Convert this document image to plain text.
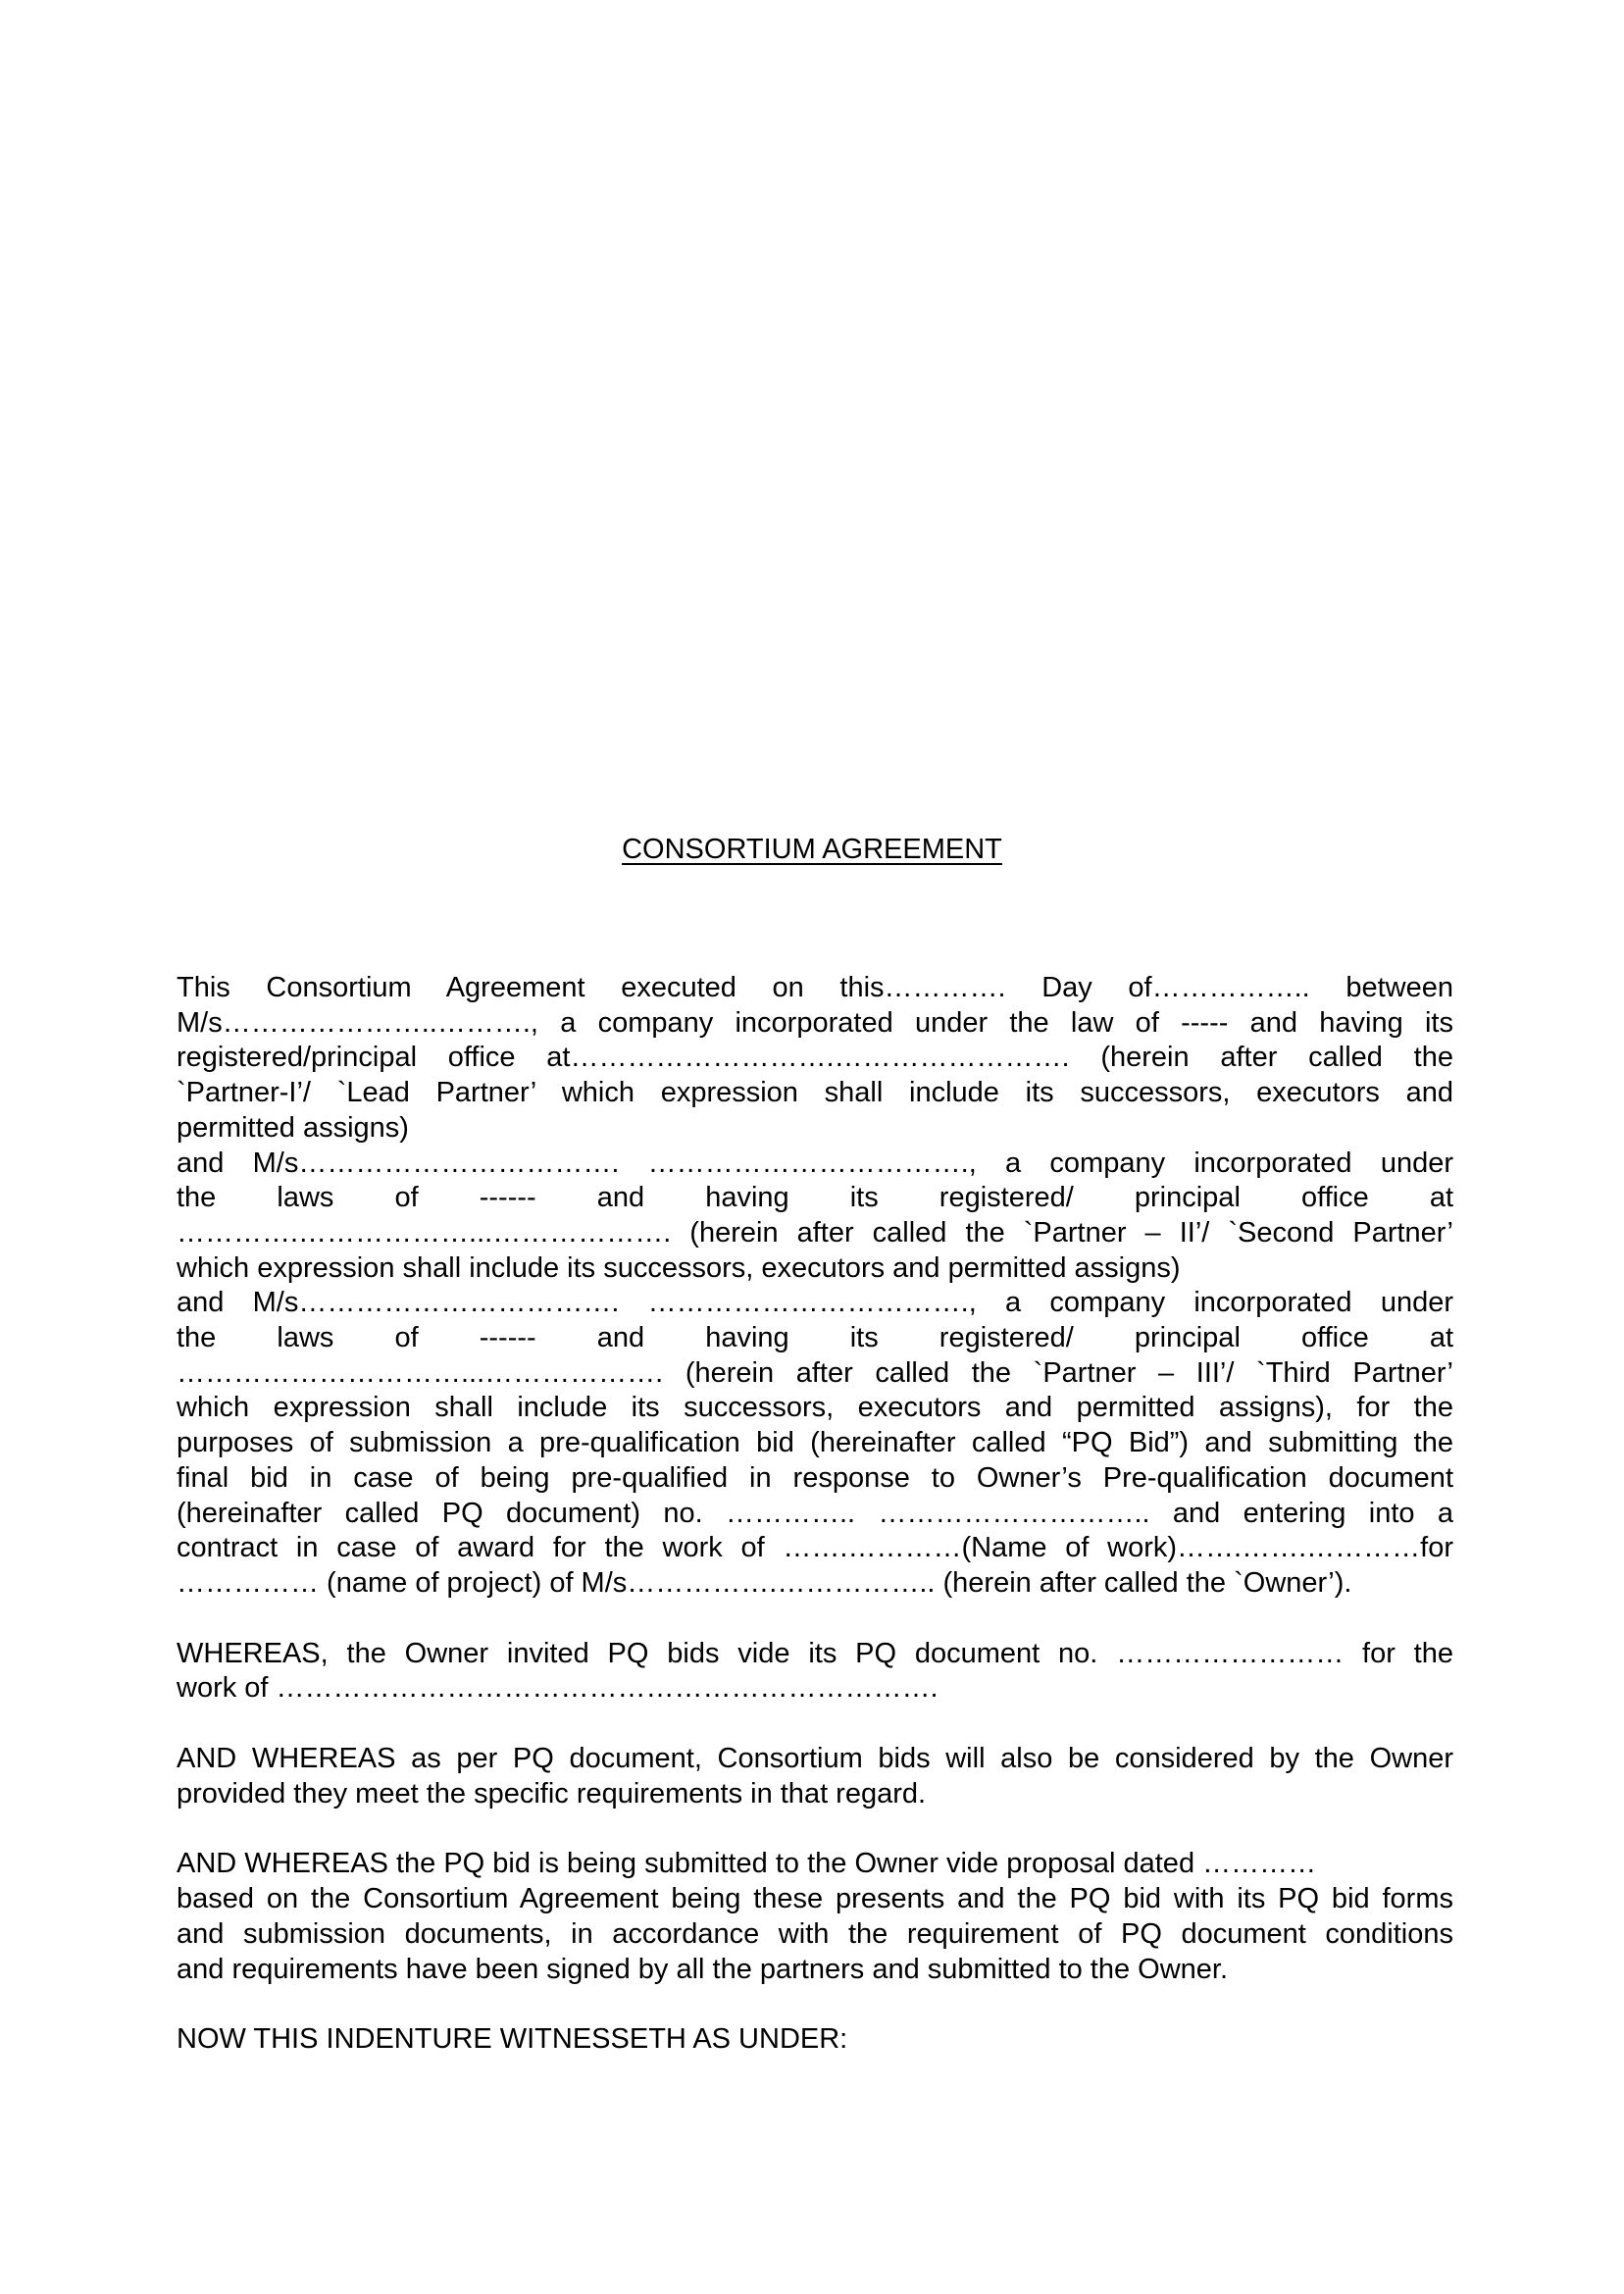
CONSORTIUM AGREEMENT
This Consortium Agreement executed on this…………. Day of…………….. between
M/s…………………..………., a company incorporated under the law of ----- and having its
registered/principal office at……………………….……………………. (herein after called the
`Partner-I’/ `Lead Partner’ which expression shall include its successors, executors and
permitted assigns)
and M/s……………………………. ……………………………., a company incorporated under
the laws of ------ and having its registered/ principal office at
………….………………...………………. (herein after called the `Partner – II’/ `Second Partner’
which expression shall include its successors, executors and permitted assigns)
and M/s……………………………. ……………………………., a company incorporated under
the laws of ------ and having its registered/ principal office at
…………………………...………………. (herein after called the `Partner – III’/ `Third Partner’
which expression shall include its successors, executors and permitted assigns), for the
purposes of submission a pre-qualification bid (hereinafter called “PQ Bid”) and submitting the
final bid in case of being pre-qualified in response to Owner’s Pre-qualification document
(hereinafter called PQ document) no. ………….. ……………………….. and entering into a
contract in case of award for the work of …….…………(Name of work)…….…….…………for
…………… (name of project) of M/s…………….…………….. (herein after called the `Owner’).
WHEREAS, the Owner invited PQ bids vide its PQ document no. …………………… for the
work of …………………………………………………………….
AND WHEREAS as per PQ document, Consortium bids will also be considered by the Owner
provided they meet the specific requirements in that regard.
AND WHEREAS the PQ bid is being submitted to the Owner vide proposal dated …………
based on the Consortium Agreement being these presents and the PQ bid with its PQ bid forms
and submission documents, in accordance with the requirement of PQ document conditions
and requirements have been signed by all the partners and submitted to the Owner.
NOW THIS INDENTURE WITNESSETH AS UNDER:
